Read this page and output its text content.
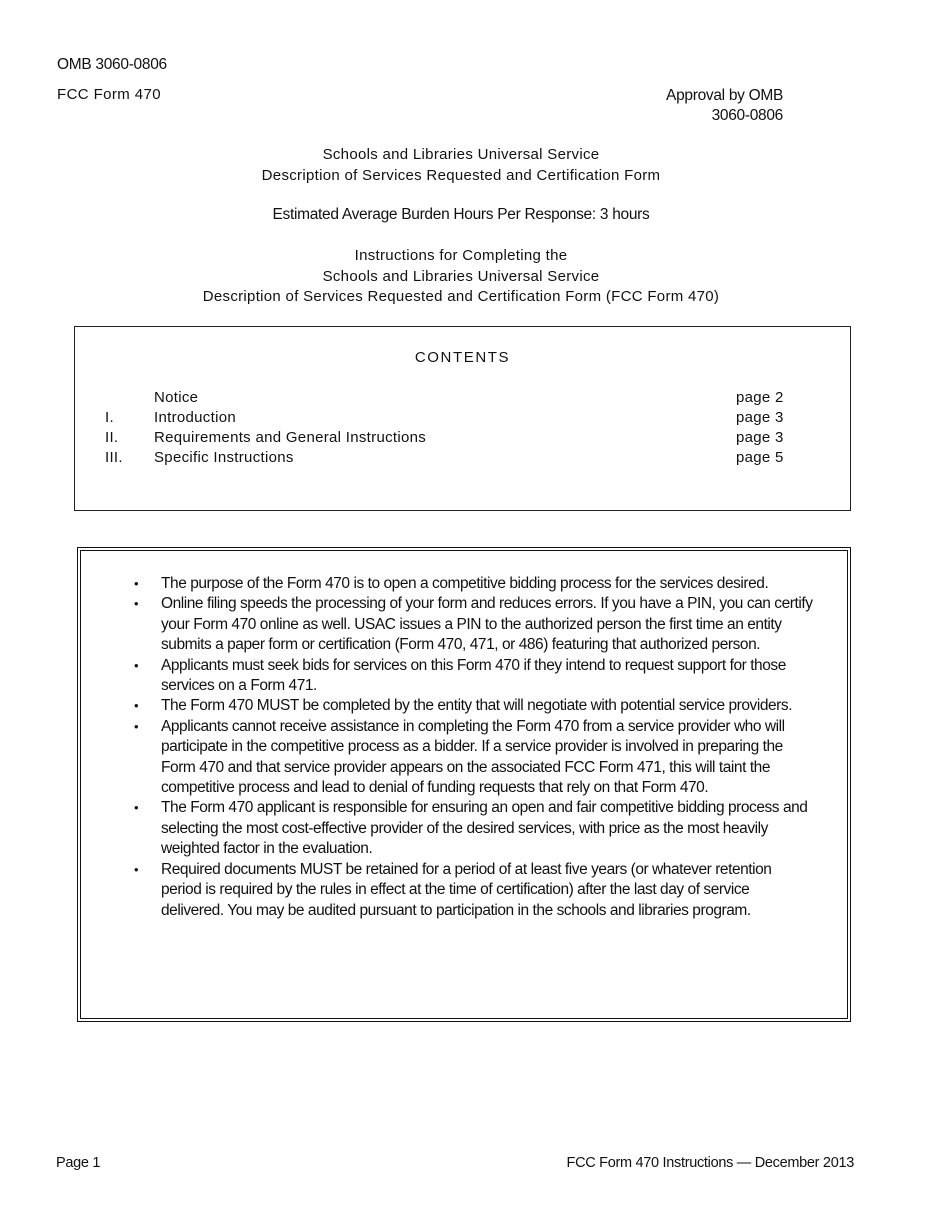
OMB 3060-0806
FCC Form 470	Approval by OMB
3060-0806
Schools and Libraries Universal Service
Description of Services Requested and Certification Form
Estimated Average Burden Hours Per Response: 3 hours
Instructions for Completing the
Schools and Libraries Universal Service
Description of Services Requested and Certification Form (FCC Form 470)
CONTENTS
Notice	page 2
I.	Introduction	page 3
II. Requirements and General Instructions	page 3
III. Specific Instructions	page 5
• The purpose of the Form 470 is to open a competitive bidding process for the services desired.
• Online filing speeds the processing of your form and reduces errors. If you have a PIN, you can certify your Form 470 online as well. USAC issues a PIN to the authorized person the first time an entity submits a paper form or certification (Form 470, 471, or 486) featuring that authorized person.
• Applicants must seek bids for services on this Form 470 if they intend to request support for those services on a Form 471.
• The Form 470 MUST be completed by the entity that will negotiate with potential service providers.
• Applicants cannot receive assistance in completing the Form 470 from a service provider who will participate in the competitive process as a bidder. If a service provider is involved in preparing the Form 470 and that service provider appears on the associated FCC Form 471, this will taint the competitive process and lead to denial of funding requests that rely on that Form 470.
• The Form 470 applicant is responsible for ensuring an open and fair competitive bidding process and selecting the most cost-effective provider of the desired services, with price as the most heavily weighted factor in the evaluation.
• Required documents MUST be retained for a period of at least five years (or whatever retention period is required by the rules in effect at the time of certification) after the last day of service delivered. You may be audited pursuant to participation in the schools and libraries program.
Page 1	FCC Form 470 Instructions — December 2013
